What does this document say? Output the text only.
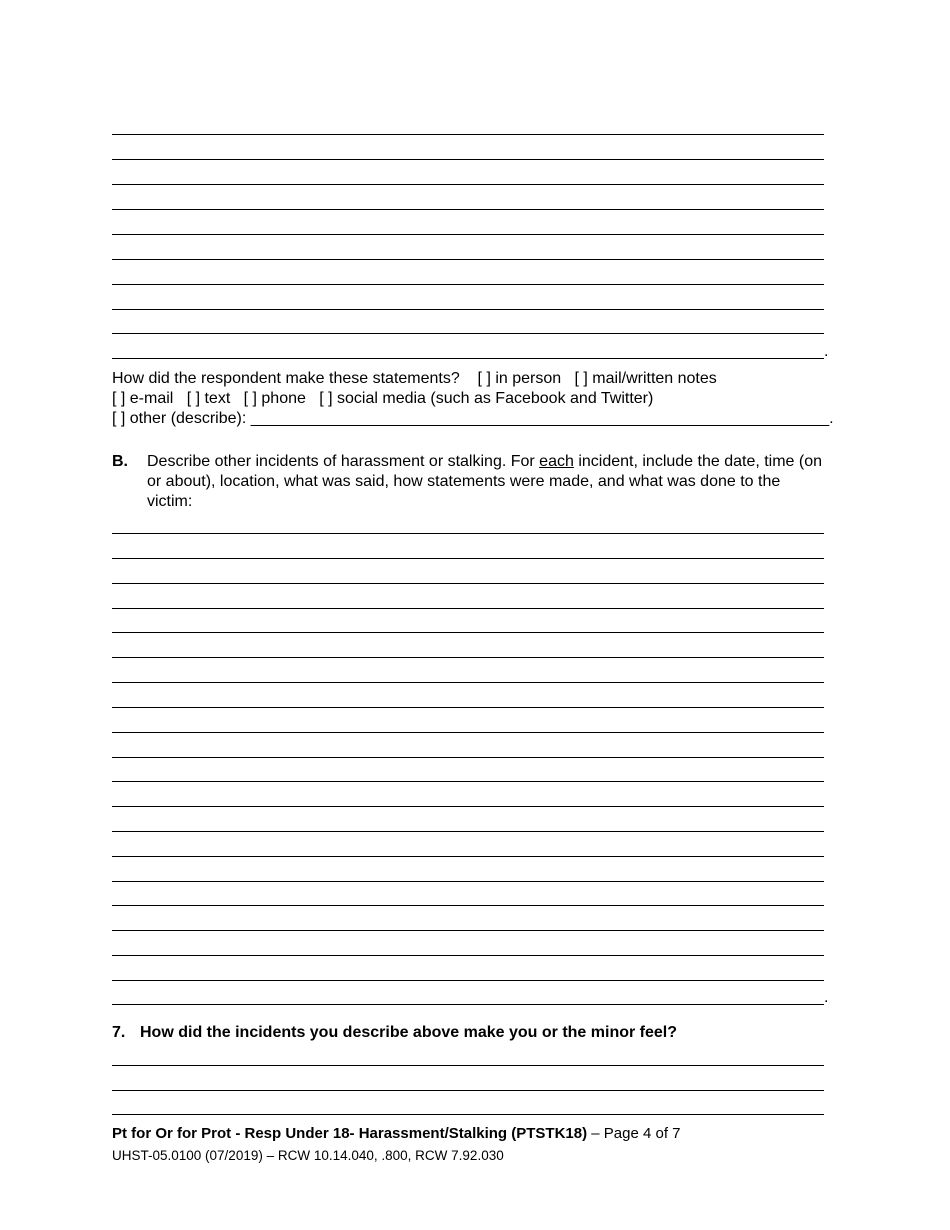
.
How did the respondent make these statements? [ ] in person [ ] mail/written notes
[ ] e-mail [ ] text [ ] phone [ ] social media (such as Facebook and Twitter)
[ ] other (describe): _________________________________________________________________.
B. Describe other incidents of harassment or stalking. For each incident, include the date, time (on or about), location, what was said, how statements were made, and what was done to the victim:
.
7. How did the incidents you describe above make you or the minor feel?
Pt for Or for Prot - Resp Under 18- Harassment/Stalking (PTSTK18) – Page 4 of 7
UHST-05.0100 (07/2019) – RCW 10.14.040, .800, RCW 7.92.030
